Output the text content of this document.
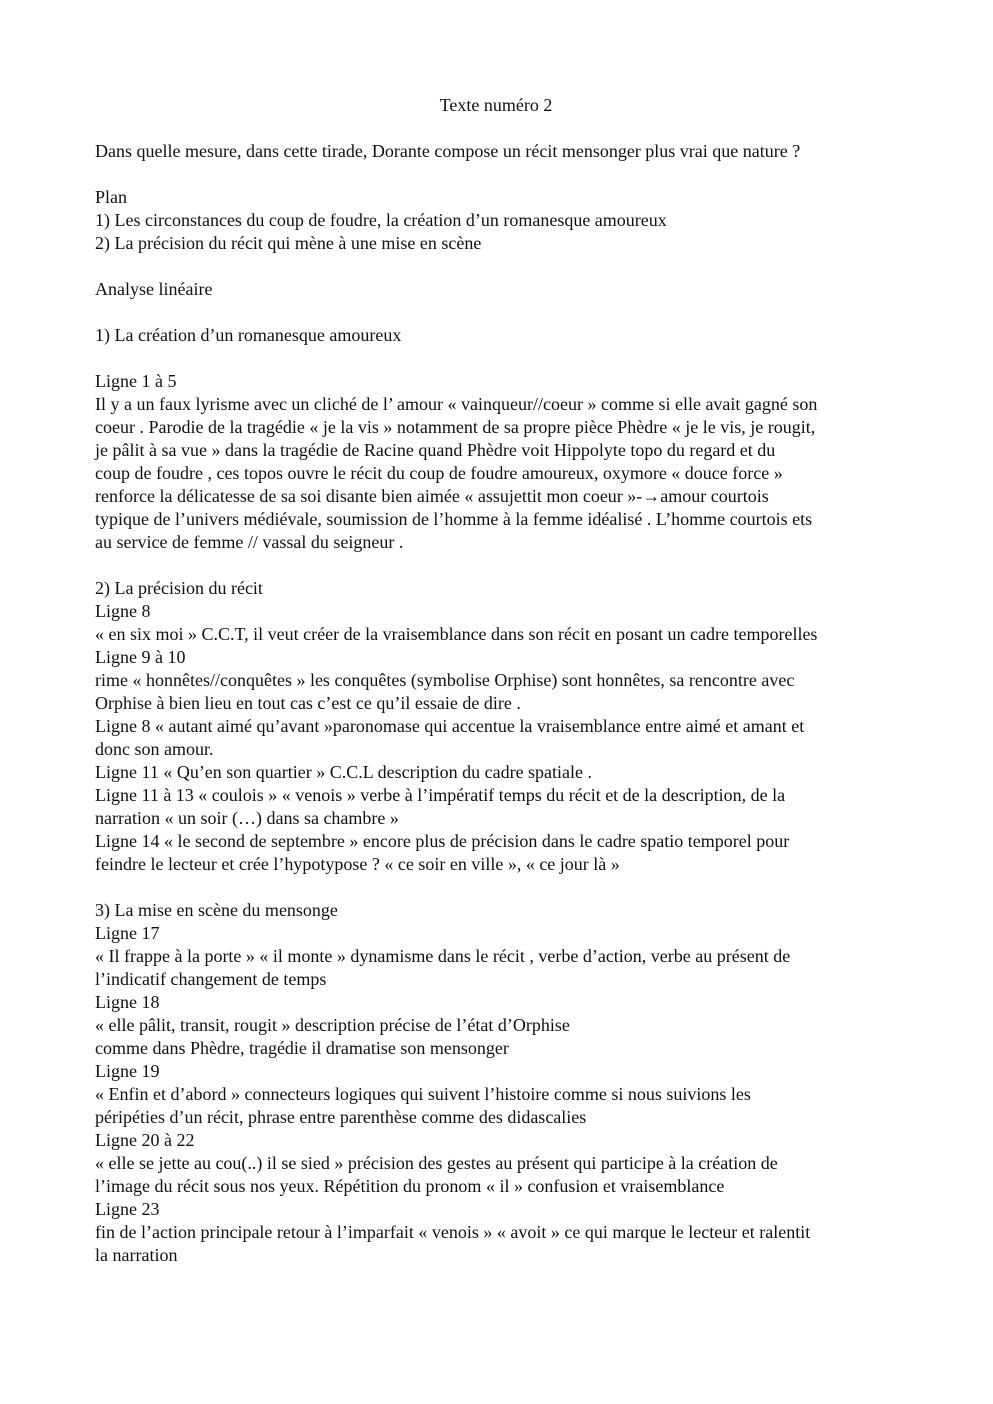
Texte numéro 2

Dans quelle mesure, dans cette tirade, Dorante compose un récit mensonger plus vrai que nature ?

Plan

1) Les circonstances du coup de foudre, la création d’un romanesque amoureux

2) La précision du récit qui mène à une mise en scène

Analyse linéaire

1) La création d’un romanesque amoureux

Ligne 1 à 5

Il y a un faux lyrisme avec un cliché de l’ amour « vainqueur//coeur » comme si elle avait gagné son

coeur . Parodie de la tragédie « je la vis » notamment de sa propre pièce Phèdre « je le vis, je rougit,

je pâlit à sa vue » dans la tragédie de Racine quand Phèdre voit Hippolyte topo du regard et du

coup de foudre , ces topos ouvre le récit du coup de foudre amoureux, oxymore « douce force »

renforce la délicatesse de sa soi disante bien aimée « assujettit mon coeur »-→amour courtois

typique de l’univers médiévale, soumission de l’homme à la femme idéalisé . L’homme courtois ets

au service de femme // vassal du seigneur .

2) La précision du récit

Ligne 8

« en six moi » C.C.T, il veut créer de la vraisemblance dans son récit en posant un cadre temporelles

Ligne 9 à 10

rime « honnêtes//conquêtes » les conquêtes (symbolise Orphise) sont honnêtes, sa rencontre avec

Orphise à bien lieu en tout cas c’est ce qu’il essaie de dire .

Ligne 8 « autant aimé qu’avant »paronomase qui accentue la vraisemblance entre aimé et amant et

donc son amour.

Ligne 11 « Qu’en son quartier » C.C.L description du cadre spatiale .

Ligne 11 à 13 « coulois » « venois » verbe à l’impératif temps du récit et de la description, de la

narration « un soir (…) dans sa chambre »

Ligne 14 « le second de septembre » encore plus de précision dans le cadre spatio temporel pour

feindre le lecteur et crée l’hypotypose ? « ce soir en ville », « ce jour là »

3) La mise en scène du mensonge

Ligne 17

« Il frappe à la porte » « il monte » dynamisme dans le récit , verbe d’action, verbe au présent de

l’indicatif changement de temps

Ligne 18

« elle pâlit, transit, rougit » description précise de l’état d’Orphise

comme dans Phèdre, tragédie il dramatise son mensonger

Ligne 19

« Enfin et d’abord » connecteurs logiques qui suivent l’histoire comme si nous suivions les

péripéties d’un récit, phrase entre parenthèse comme des didascalies

Ligne 20 à 22

« elle se jette au cou(..) il se sied » précision des gestes au présent qui participe à la création de

l’image du récit sous nos yeux. Répétition du pronom « il » confusion et vraisemblance

Ligne 23

fin de l’action principale retour à l’imparfait « venois » « avoit » ce qui marque le lecteur et ralentit

la narration
